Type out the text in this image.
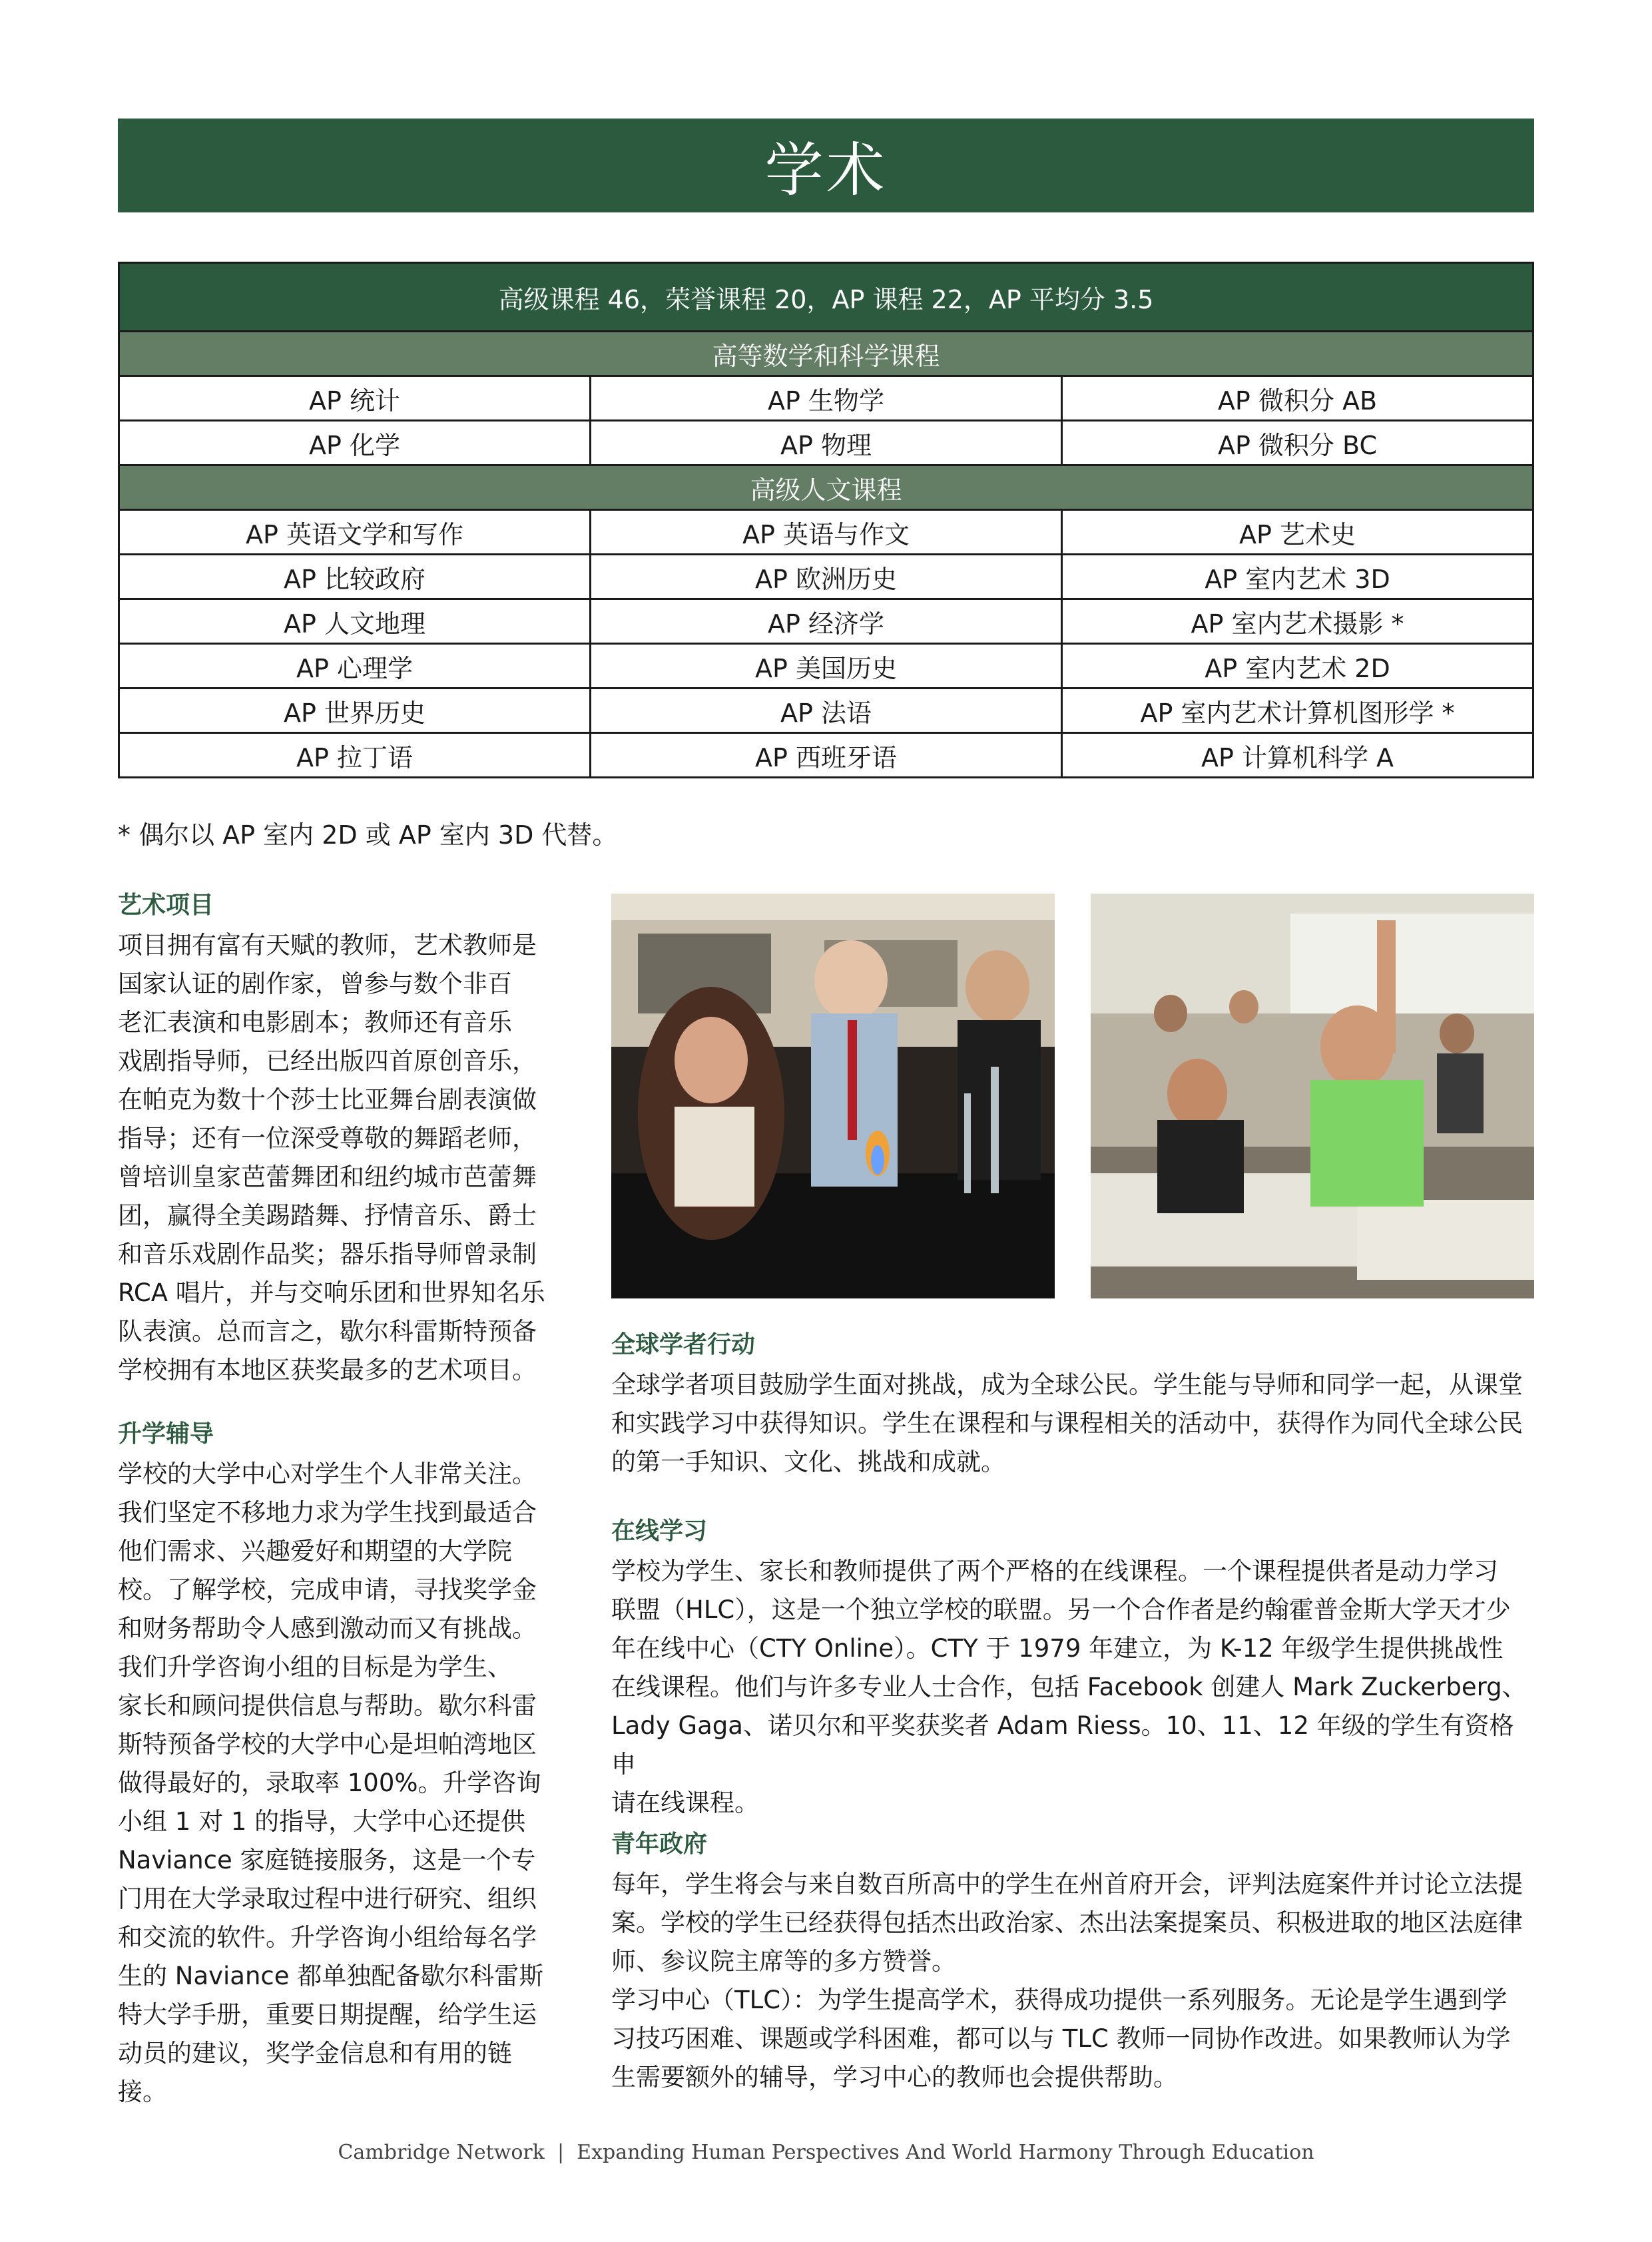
学术
高级课程 46，荣誉课程 20，AP 课程 22，AP 平均分 3.5		
高等数学和科学课程		
AP 统计	AP 生物学	AP 微积分 AB
AP 化学	AP 物理	AP 微积分 BC
高级人文课程		
AP 英语文学和写作	AP 英语与作文	AP 艺术史
AP 比较政府	AP 欧洲历史	AP 室内艺术 3D
AP 人文地理	AP 经济学	AP 室内艺术摄影 *
AP 心理学	AP 美国历史	AP 室内艺术 2D
AP 世界历史	AP 法语	AP 室内艺术计算机图形学 *
AP 拉丁语	AP 西班牙语	AP 计算机科学 A
* 偶尔以 AP 室内 2D 或 AP 室内 3D 代替。
艺术项目

项目拥有富有天赋的教师，艺术教师是
国家认证的剧作家，曾参与数个非百
老汇表演和电影剧本；教师还有音乐
戏剧指导师，已经出版四首原创音乐，
在帕克为数十个莎士比亚舞台剧表演做
指导；还有一位深受尊敬的舞蹈老师，
曾培训皇家芭蕾舞团和纽约城市芭蕾舞
团，赢得全美踢踏舞、抒情音乐、爵士
和音乐戏剧作品奖；器乐指导师曾录制
RCA 唱片，并与交响乐团和世界知名乐
队表演。总而言之，歇尔科雷斯特预备
学校拥有本地区获奖最多的艺术项目。

升学辅导

学校的大学中心对学生个人非常关注。
我们坚定不移地力求为学生找到最适合
他们需求、兴趣爱好和期望的大学院
校。了解学校，完成申请，寻找奖学金
和财务帮助令人感到激动而又有挑战。
我们升学咨询小组的目标是为学生、
家长和顾问提供信息与帮助。歇尔科雷
斯特预备学校的大学中心是坦帕湾地区
做得最好的，录取率 100%。升学咨询
小组 1 对 1 的指导，大学中心还提供
Naviance 家庭链接服务，这是一个专
门用在大学录取过程中进行研究、组织
和交流的软件。升学咨询小组给每名学
生的 Naviance 都单独配备歇尔科雷斯
特大学手册，重要日期提醒，给学生运
动员的建议，奖学金信息和有用的链接。

全球学者行动

全球学者项目鼓励学生面对挑战，成为全球公民。学生能与导师和同学一起，从课堂
和实践学习中获得知识。学生在课程和与课程相关的活动中，获得作为同代全球公民
的第一手知识、文化、挑战和成就。

在线学习

学校为学生、家长和教师提供了两个严格的在线课程。一个课程提供者是动力学习
联盟（HLC），这是一个独立学校的联盟。另一个合作者是约翰霍普金斯大学天才少
年在线中心（CTY Online）。CTY 于 1979 年建立，为 K-12 年级学生提供挑战性
在线课程。他们与许多专业人士合作，包括 Facebook 创建人 Mark Zuckerberg、
Lady Gaga、诺贝尔和平奖获奖者 Adam Riess。10、11、12 年级的学生有资格申
请在线课程。

青年政府

每年，学生将会与来自数百所高中的学生在州首府开会，评判法庭案件并讨论立法提
案。学校的学生已经获得包括杰出政治家、杰出法案提案员、积极进取的地区法庭律
师、参议院主席等的多方赞誉。
学习中心（TLC）：为学生提高学术，获得成功提供一系列服务。无论是学生遇到学
习技巧困难、课题或学科困难，都可以与 TLC 教师一同协作改进。如果教师认为学
生需要额外的辅导，学习中心的教师也会提供帮助。

Cambridge Network  |  Expanding Human Perspectives And World Harmony Through Education
